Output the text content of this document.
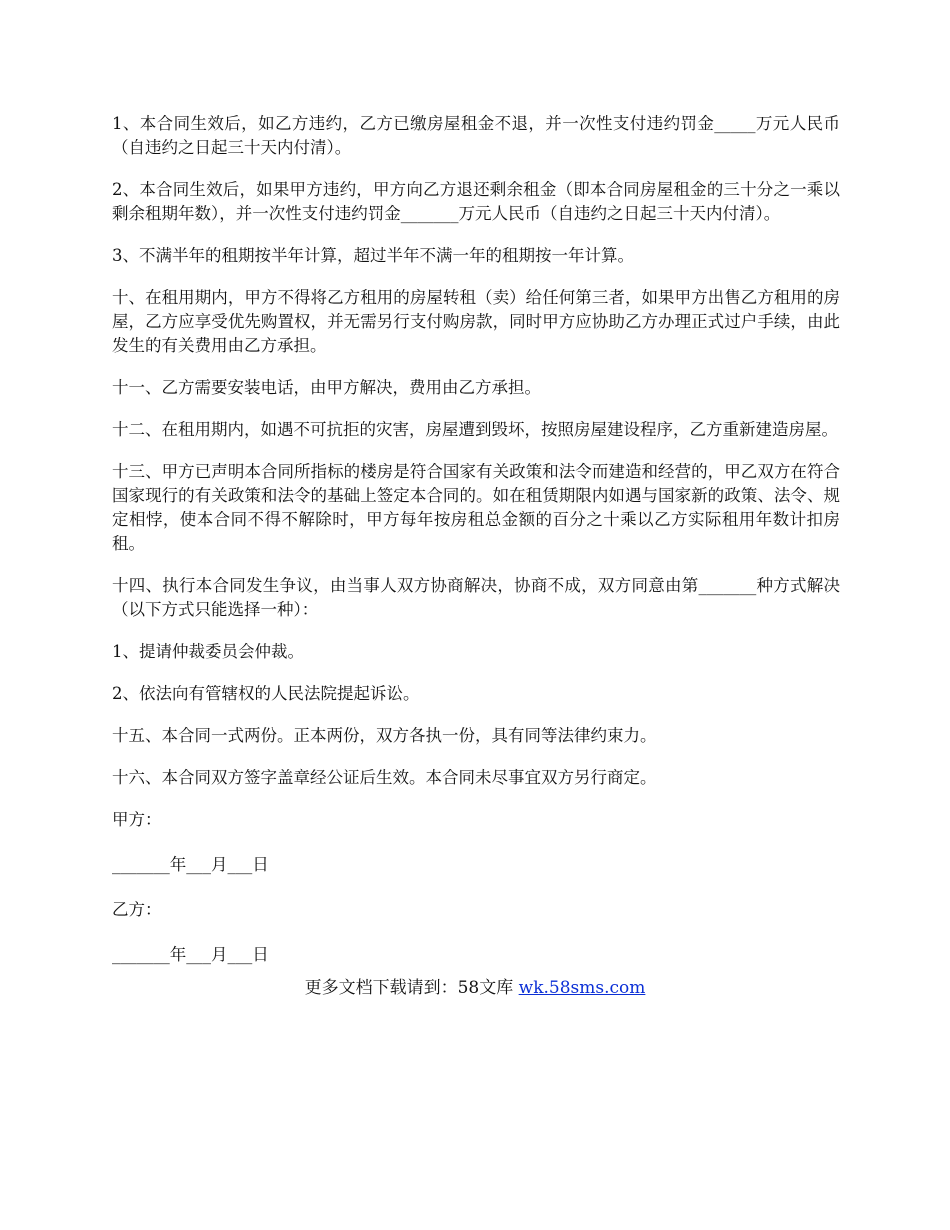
1、本合同生效后，如乙方违约，乙方已缴房屋租金不退，并一次性支付违约罚金_____万元人民币（自违约之日起三十天内付清）。

2、本合同生效后，如果甲方违约，甲方向乙方退还剩余租金（即本合同房屋租金的三十分之一乘以剩余租期年数），并一次性支付违约罚金_______万元人民币（自违约之日起三十天内付清）。

3、不满半年的租期按半年计算，超过半年不满一年的租期按一年计算。

十、在租用期内，甲方不得将乙方租用的房屋转租（卖）给任何第三者，如果甲方出售乙方租用的房屋，乙方应享受优先购置权，并无需另行支付购房款，同时甲方应协助乙方办理正式过户手续，由此发生的有关费用由乙方承担。

十一、乙方需要安装电话，由甲方解决，费用由乙方承担。

十二、在租用期内，如遇不可抗拒的灾害，房屋遭到毁坏，按照房屋建设程序，乙方重新建造房屋。

十三、甲方已声明本合同所指标的楼房是符合国家有关政策和法令而建造和经营的，甲乙双方在符合国家现行的有关政策和法令的基础上签定本合同的。如在租赁期限内如遇与国家新的政策、法令、规定相悖，使本合同不得不解除时，甲方每年按房租总金额的百分之十乘以乙方实际租用年数计扣房租。

十四、执行本合同发生争议，由当事人双方协商解决，协商不成，双方同意由第_______种方式解决（以下方式只能选择一种）：

1、提请仲裁委员会仲裁。

2、依法向有管辖权的人民法院提起诉讼。

十五、本合同一式两份。正本两份，双方各执一份，具有同等法律约束力。

十六、本合同双方签字盖章经公证后生效。本合同未尽事宜双方另行商定。

甲方：

_______年___月___日

乙方：

_______年___月___日

更多文档下载请到：58文库 wk.58sms.com
